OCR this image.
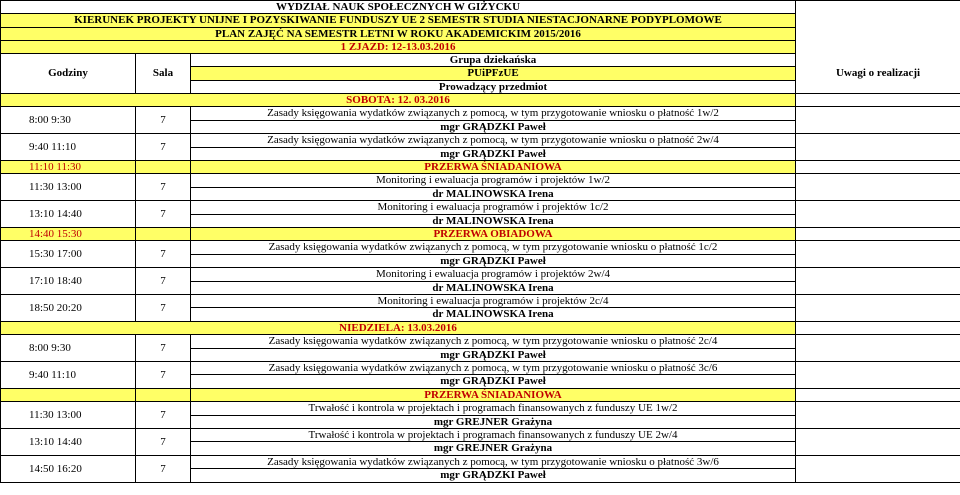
WYDZIAŁ NAUK SPOŁECZNYCH W GIŻYCKU			
KIERUNEK PROJEKTY UNIJNE I POZYSKIWANIE FUNDUSZY UE 2 SEMESTR STUDIA NIESTACJONARNE PODYPLOMOWE			
PLAN ZAJĘĆ NA SEMESTR LETNI W ROKU AKADEMICKIM 2015/2016			
1 ZJAZD: 12-13.03.2016			
Godziny	Sala	Grupa dziekańska	Uwagi o realizacji
		PUiPFzUE	
		Prowadzący przedmiot	
SOBOTA: 12. 03.2016			
8:00 9:30	7	Zasady księgowania wydatków związanych z pomocą, w tym przygotowanie wniosku o płatność 1w/2	
		mgr GRĄDZKI Paweł	
9:40 11:10	7	Zasady księgowania wydatków związanych z pomocą, w tym przygotowanie wniosku o płatność 2w/4	
		mgr GRĄDZKI Paweł	
11:10 11:30		PRZERWA ŚNIADANIOWA	
11:30 13:00	7	Monitoring i ewaluacja programów i projektów 1w/2	
		dr MALINOWSKA Irena	
13:10 14:40	7	Monitoring i ewaluacja programów i projektów 1c/2	
		dr MALINOWSKA Irena	
14:40 15:30		PRZERWA OBIADOWA	
15:30 17:00	7	Zasady księgowania wydatków związanych z pomocą, w tym przygotowanie wniosku o płatność 1c/2	
		mgr GRĄDZKI Paweł	
17:10 18:40	7	Monitoring i ewaluacja programów i projektów 2w/4	
		dr MALINOWSKA Irena	
18:50 20:20	7	Monitoring i ewaluacja programów i projektów 2c/4	
		dr MALINOWSKA Irena	
NIEDZIELA: 13.03.2016			
8:00 9:30	7	Zasady księgowania wydatków związanych z pomocą, w tym przygotowanie wniosku o płatność 2c/4	
		mgr GRĄDZKI Paweł	
9:40 11:10	7	Zasady księgowania wydatków związanych z pomocą, w tym przygotowanie wniosku o płatność 3c/6	
		mgr GRĄDZKI Paweł	
		PRZERWA ŚNIADANIOWA	
11:30 13:00	7	Trwałość i kontrola w projektach i programach finansowanych z funduszy UE 1w/2	
		mgr GREJNER Grażyna	
13:10 14:40	7	Trwałość i kontrola w projektach i programach finansowanych z funduszy UE 2w/4	
		mgr GREJNER Grażyna	
14:50 16:20	7	Zasady księgowania wydatków związanych z pomocą, w tym przygotowanie wniosku o płatność 3w/6	
		mgr GRĄDZKI Paweł	
